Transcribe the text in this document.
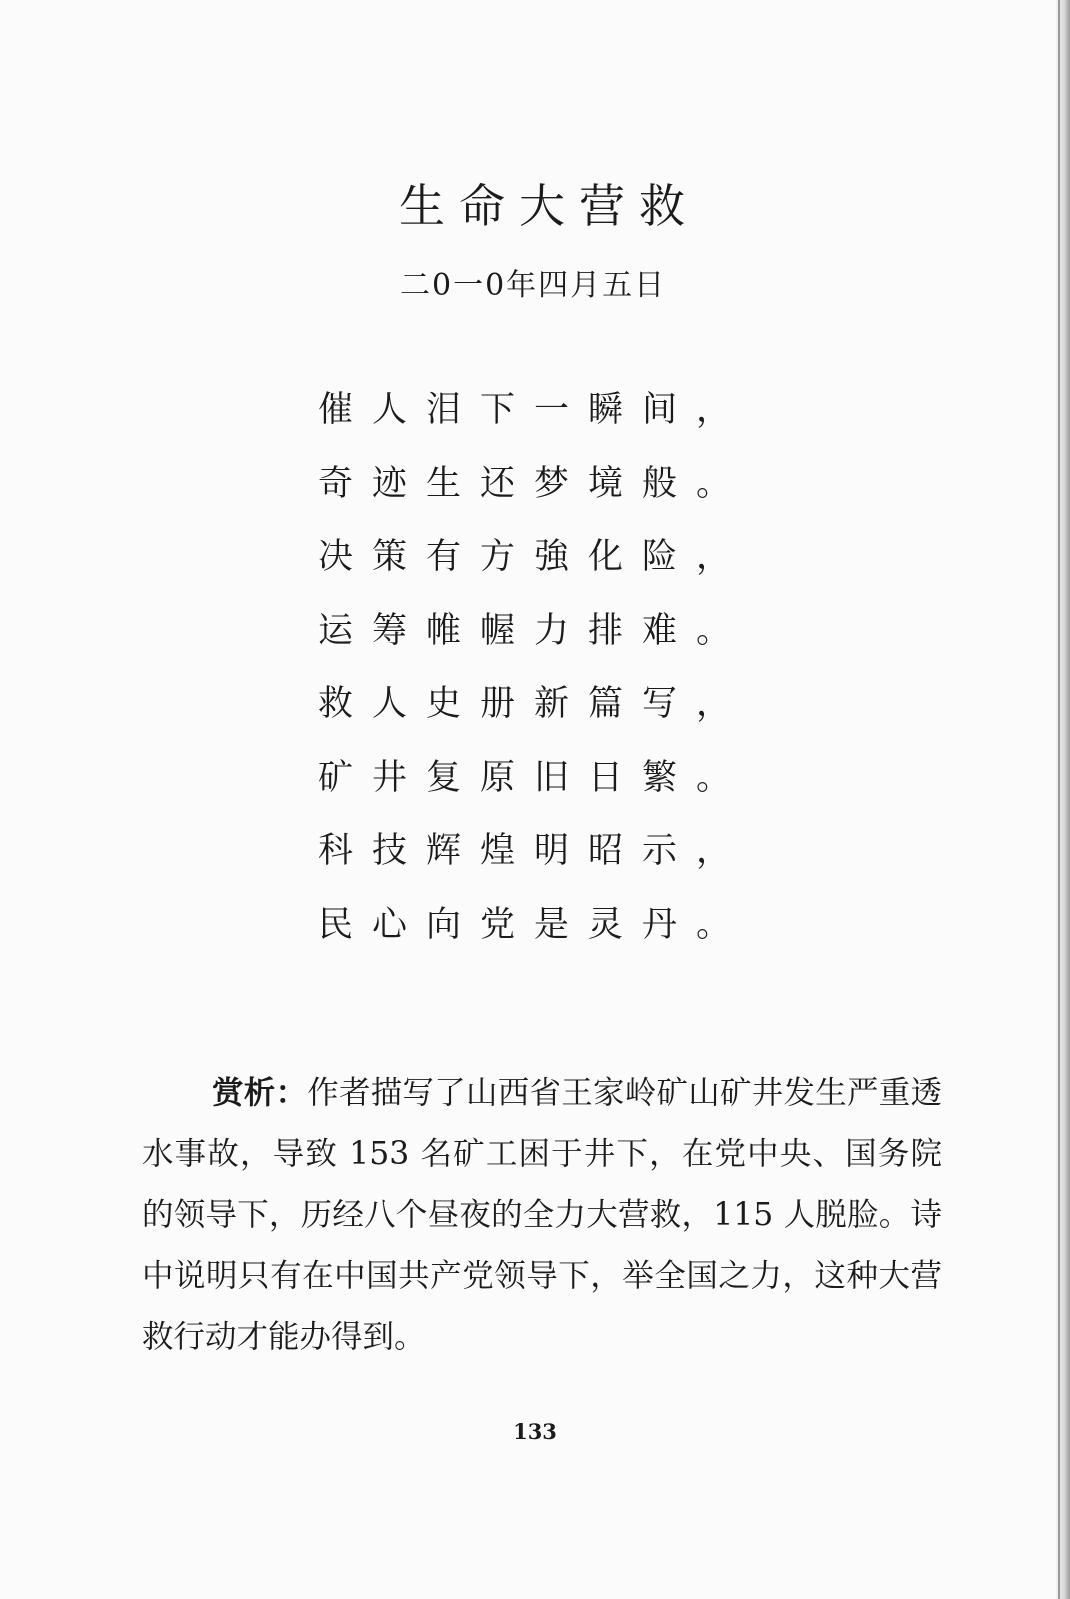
生命大营救
二0一0年四月五日
催人泪下一瞬间，
奇迹生还梦境般。
决策有方強化险，
运筹帷幄力排难。
救人史册新篇写，
矿井复原旧日繁。
科技辉煌明昭示，
民心向党是灵丹。

赏析：作者描写了山西省王家岭矿山矿井发生严重透水事故，导致 153 名矿工困于井下，在党中央、国务院的领导下，历经八个昼夜的全力大营救，115 人脱脸。诗中说明只有在中国共产党领导下，举全国之力，这种大营救行动才能办得到。

133
